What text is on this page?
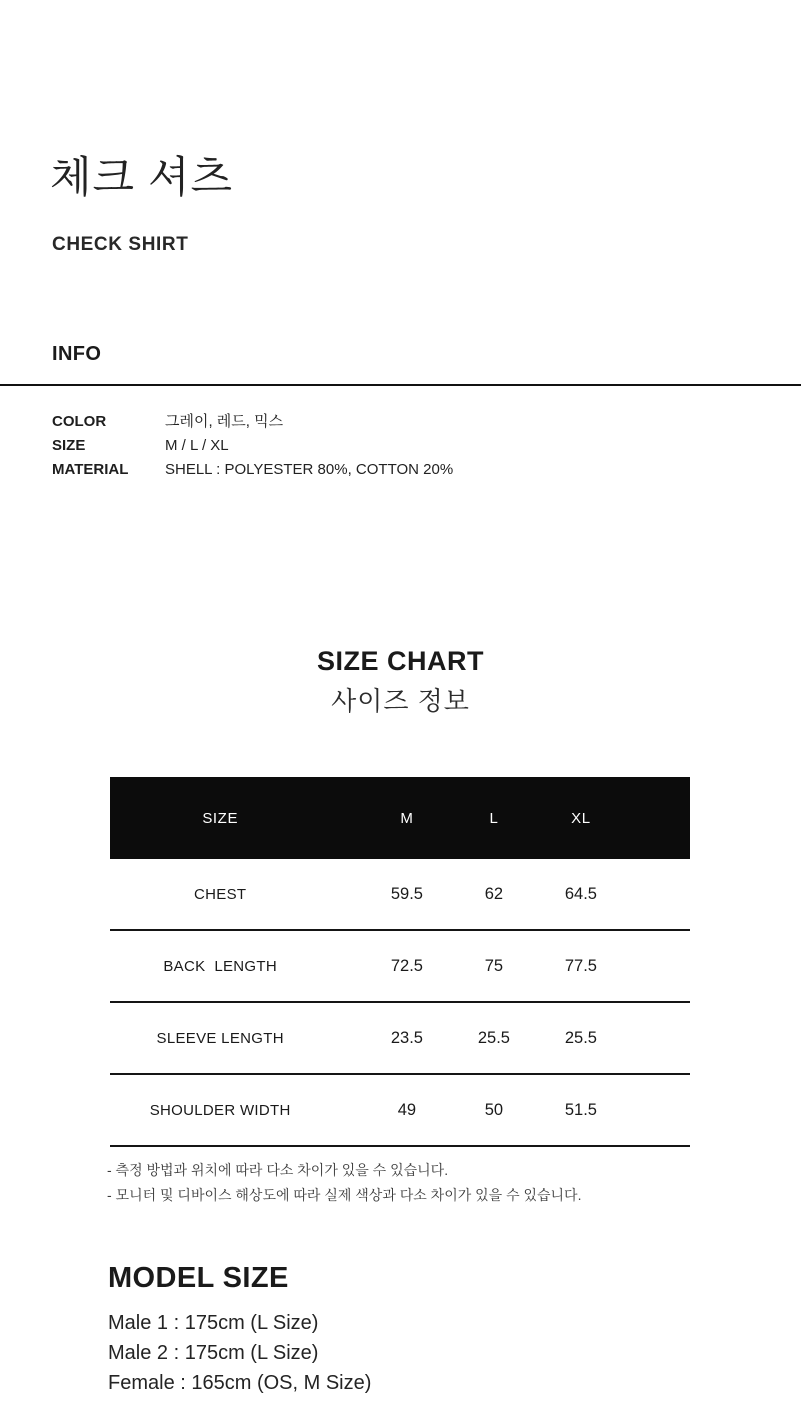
체크 셔츠
CHECK SHIRT
INFO
COLOR	그레이, 레드, 믹스
SIZE	M / L / XL
MATERIAL	SHELL : POLYESTER 80%, COTTON 20%
SIZE CHART
사이즈 정보
SIZE	M	L	XL
CHEST	59.5	62	64.5
BACK  LENGTH	72.5	75	77.5
SLEEVE LENGTH	23.5	25.5	25.5
SHOULDER WIDTH	49	50	51.5
- 측정 방법과 위치에 따라 다소 차이가 있을 수 있습니다.
- 모니터 및 디바이스 해상도에 따라 실제 색상과 다소 차이가 있을 수 있습니다.
MODEL SIZE
Male 1 : 175cm (L Size)
Male 2 : 175cm (L Size)
Female : 165cm (OS, M Size)
